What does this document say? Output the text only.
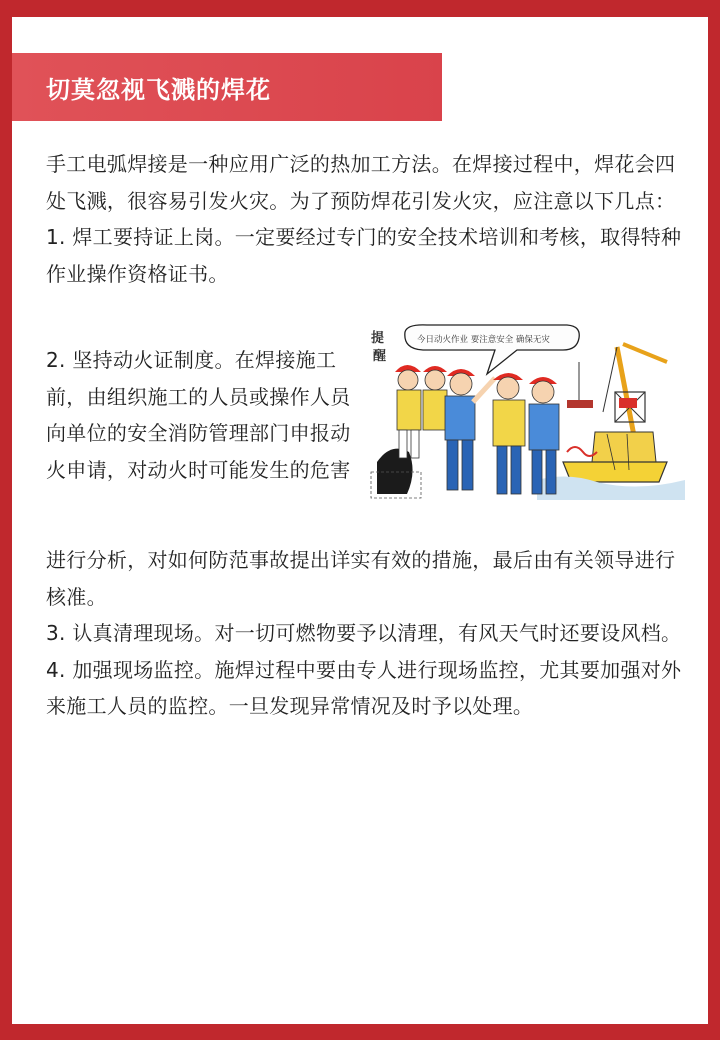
切莫忽视飞溅的焊花
手工电弧焊接是一种应用广泛的热加工方法。在焊接过程中，焊花会四处飞溅，很容易引发火灾。为了预防焊花引发火灾，应注意以下几点：
1. 焊工要持证上岗。一定要经过专门的安全技术培训和考核，取得特种作业操作资格证书。
2. 坚持动火证制度。在焊接施工前，由组织施工的人员或操作人员向单位的安全消防管理部门申报动火申请，对动火时可能发生的危害
提醒
今日动火作业 要注意安全 确保无灾
进行分析，对如何防范事故提出详实有效的措施，最后由有关领导进行核准。
3. 认真清理现场。对一切可燃物要予以清理，有风天气时还要设风档。
4. 加强现场监控。施焊过程中要由专人进行现场监控，尤其要加强对外来施工人员的监控。一旦发现异常情况及时予以处理。
